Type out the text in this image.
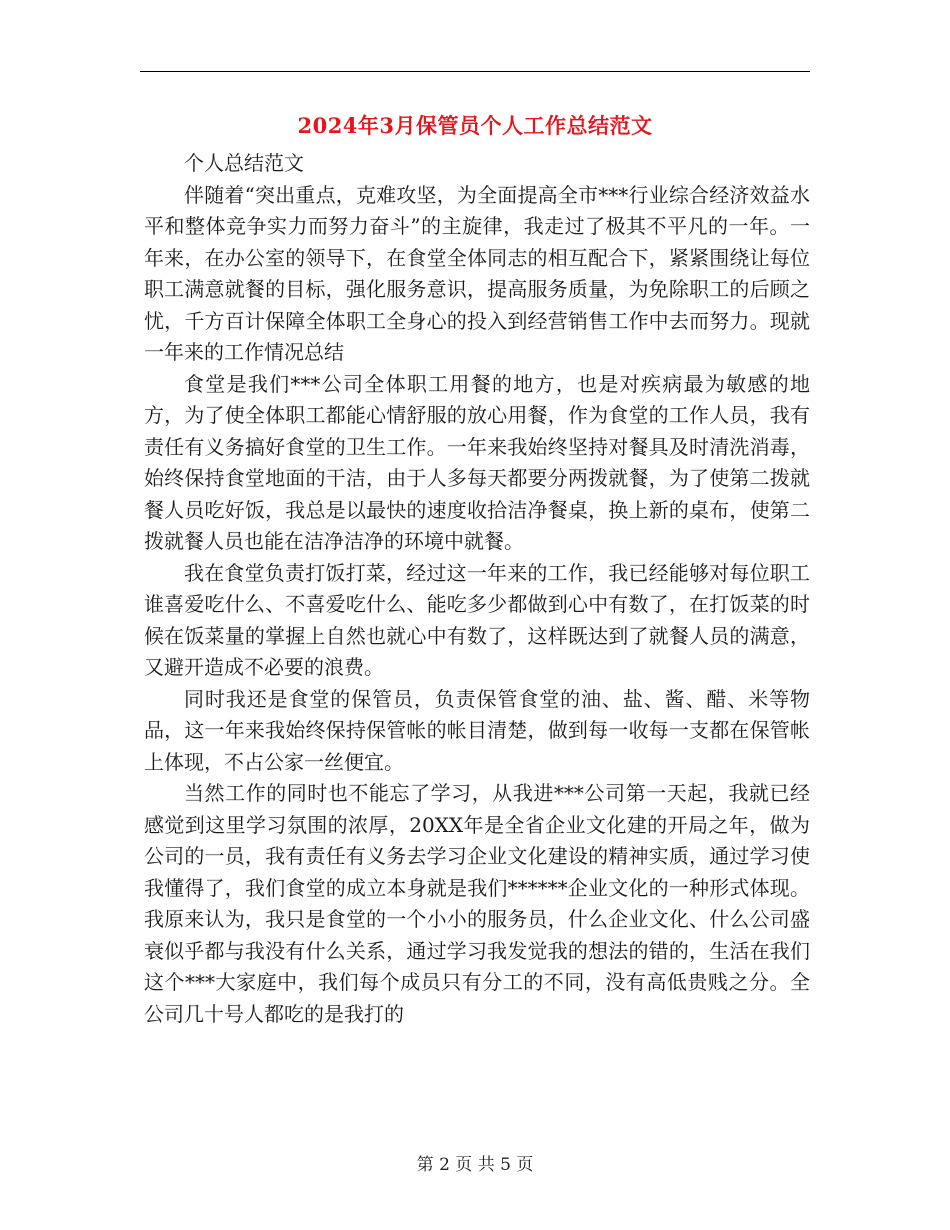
2024年3月保管员个人工作总结范文

个人总结范文

伴随着“突出重点，克难攻坚，为全面提高全市***行业综合经济效益水平和整体竞争实力而努力奋斗”的主旋律，我走过了极其不平凡的一年。一年来，在办公室的领导下，在食堂全体同志的相互配合下，紧紧围绕让每位职工满意就餐的目标，强化服务意识，提高服务质量，为免除职工的后顾之忧，千方百计保障全体职工全身心的投入到经营销售工作中去而努力。现就一年来的工作情况总结

食堂是我们***公司全体职工用餐的地方，也是对疾病最为敏感的地方，为了使全体职工都能心情舒服的放心用餐，作为食堂的工作人员，我有责任有义务搞好食堂的卫生工作。一年来我始终坚持对餐具及时清洗消毒，始终保持食堂地面的干洁，由于人多每天都要分两拨就餐，为了使第二拨就餐人员吃好饭，我总是以最快的速度收拾洁净餐桌，换上新的桌布，使第二拨就餐人员也能在洁净洁净的环境中就餐。

我在食堂负责打饭打菜，经过这一年来的工作，我已经能够对每位职工谁喜爱吃什么、不喜爱吃什么、能吃多少都做到心中有数了，在打饭菜的时候在饭菜量的掌握上自然也就心中有数了，这样既达到了就餐人员的满意，又避开造成不必要的浪费。

同时我还是食堂的保管员，负责保管食堂的油、盐、酱、醋、米等物品，这一年来我始终保持保管帐的帐目清楚，做到每一收每一支都在保管帐上体现，不占公家一丝便宜。

当然工作的同时也不能忘了学习，从我进***公司第一天起，我就已经感觉到这里学习氛围的浓厚，20XX年是全省企业文化建的开局之年，做为公司的一员，我有责任有义务去学习企业文化建设的精神实质，通过学习使我懂得了，我们食堂的成立本身就是我们******企业文化的一种形式体现。我原来认为，我只是食堂的一个小小的服务员，什么企业文化、什么公司盛衰似乎都与我没有什么关系，通过学习我发觉我的想法的错的，生活在我们这个***大家庭中，我们每个成员只有分工的不同，没有高低贵贱之分。全公司几十号人都吃的是我打的

第 2 页 共 5 页
